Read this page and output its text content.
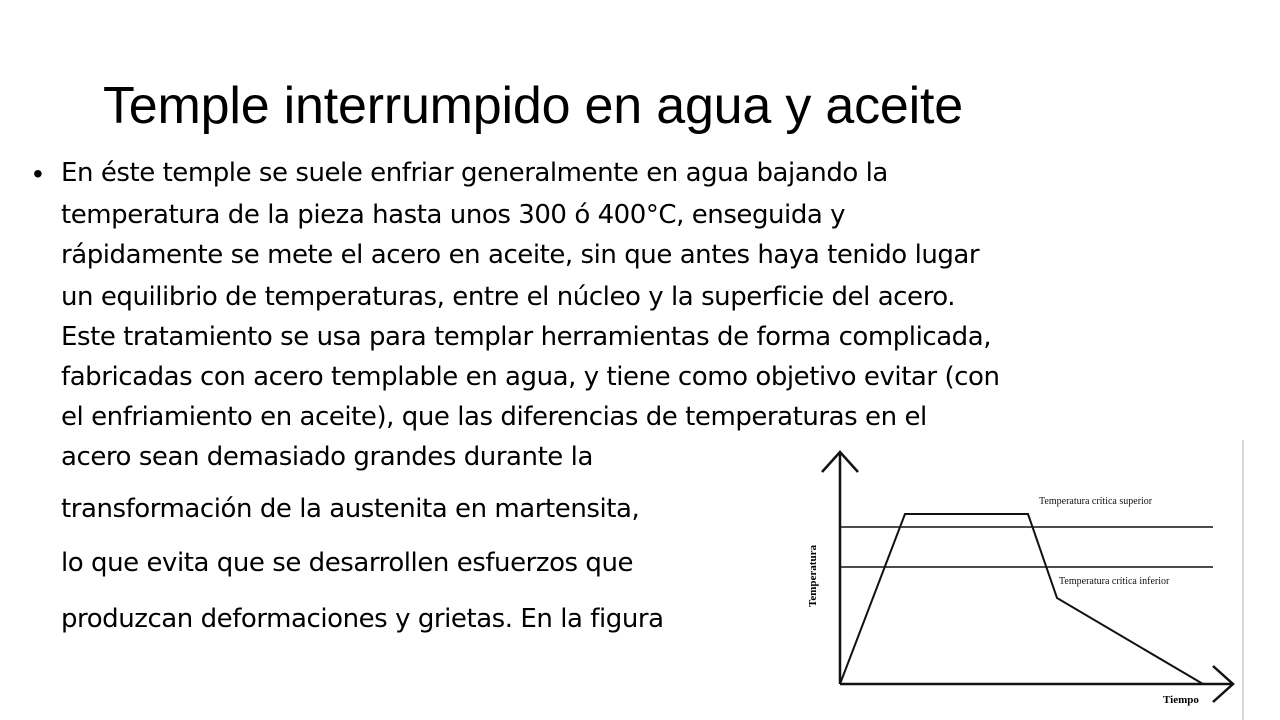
Temple interrumpido en agua y aceite
• En éste temple se suele enfriar generalmente en agua bajando la
temperatura de la pieza hasta unos 300 ó 400°C, enseguida y
rápidamente se mete el acero en aceite, sin que antes haya tenido lugar
un equilibrio de temperaturas, entre el núcleo y la superficie del acero.
Este tratamiento se usa para templar herramientas de forma complicada,
fabricadas con acero templable en agua, y tiene como objetivo evitar (con
el enfriamiento en aceite), que las diferencias de temperaturas en el
acero sean demasiado grandes durante la
transformación de la austenita en martensita,
lo que evita que se desarrollen esfuerzos que
produzcan deformaciones y grietas. En la figura
Temperatura crítica superior
Temperatura crítica inferior
Temperatura
Tiempo
